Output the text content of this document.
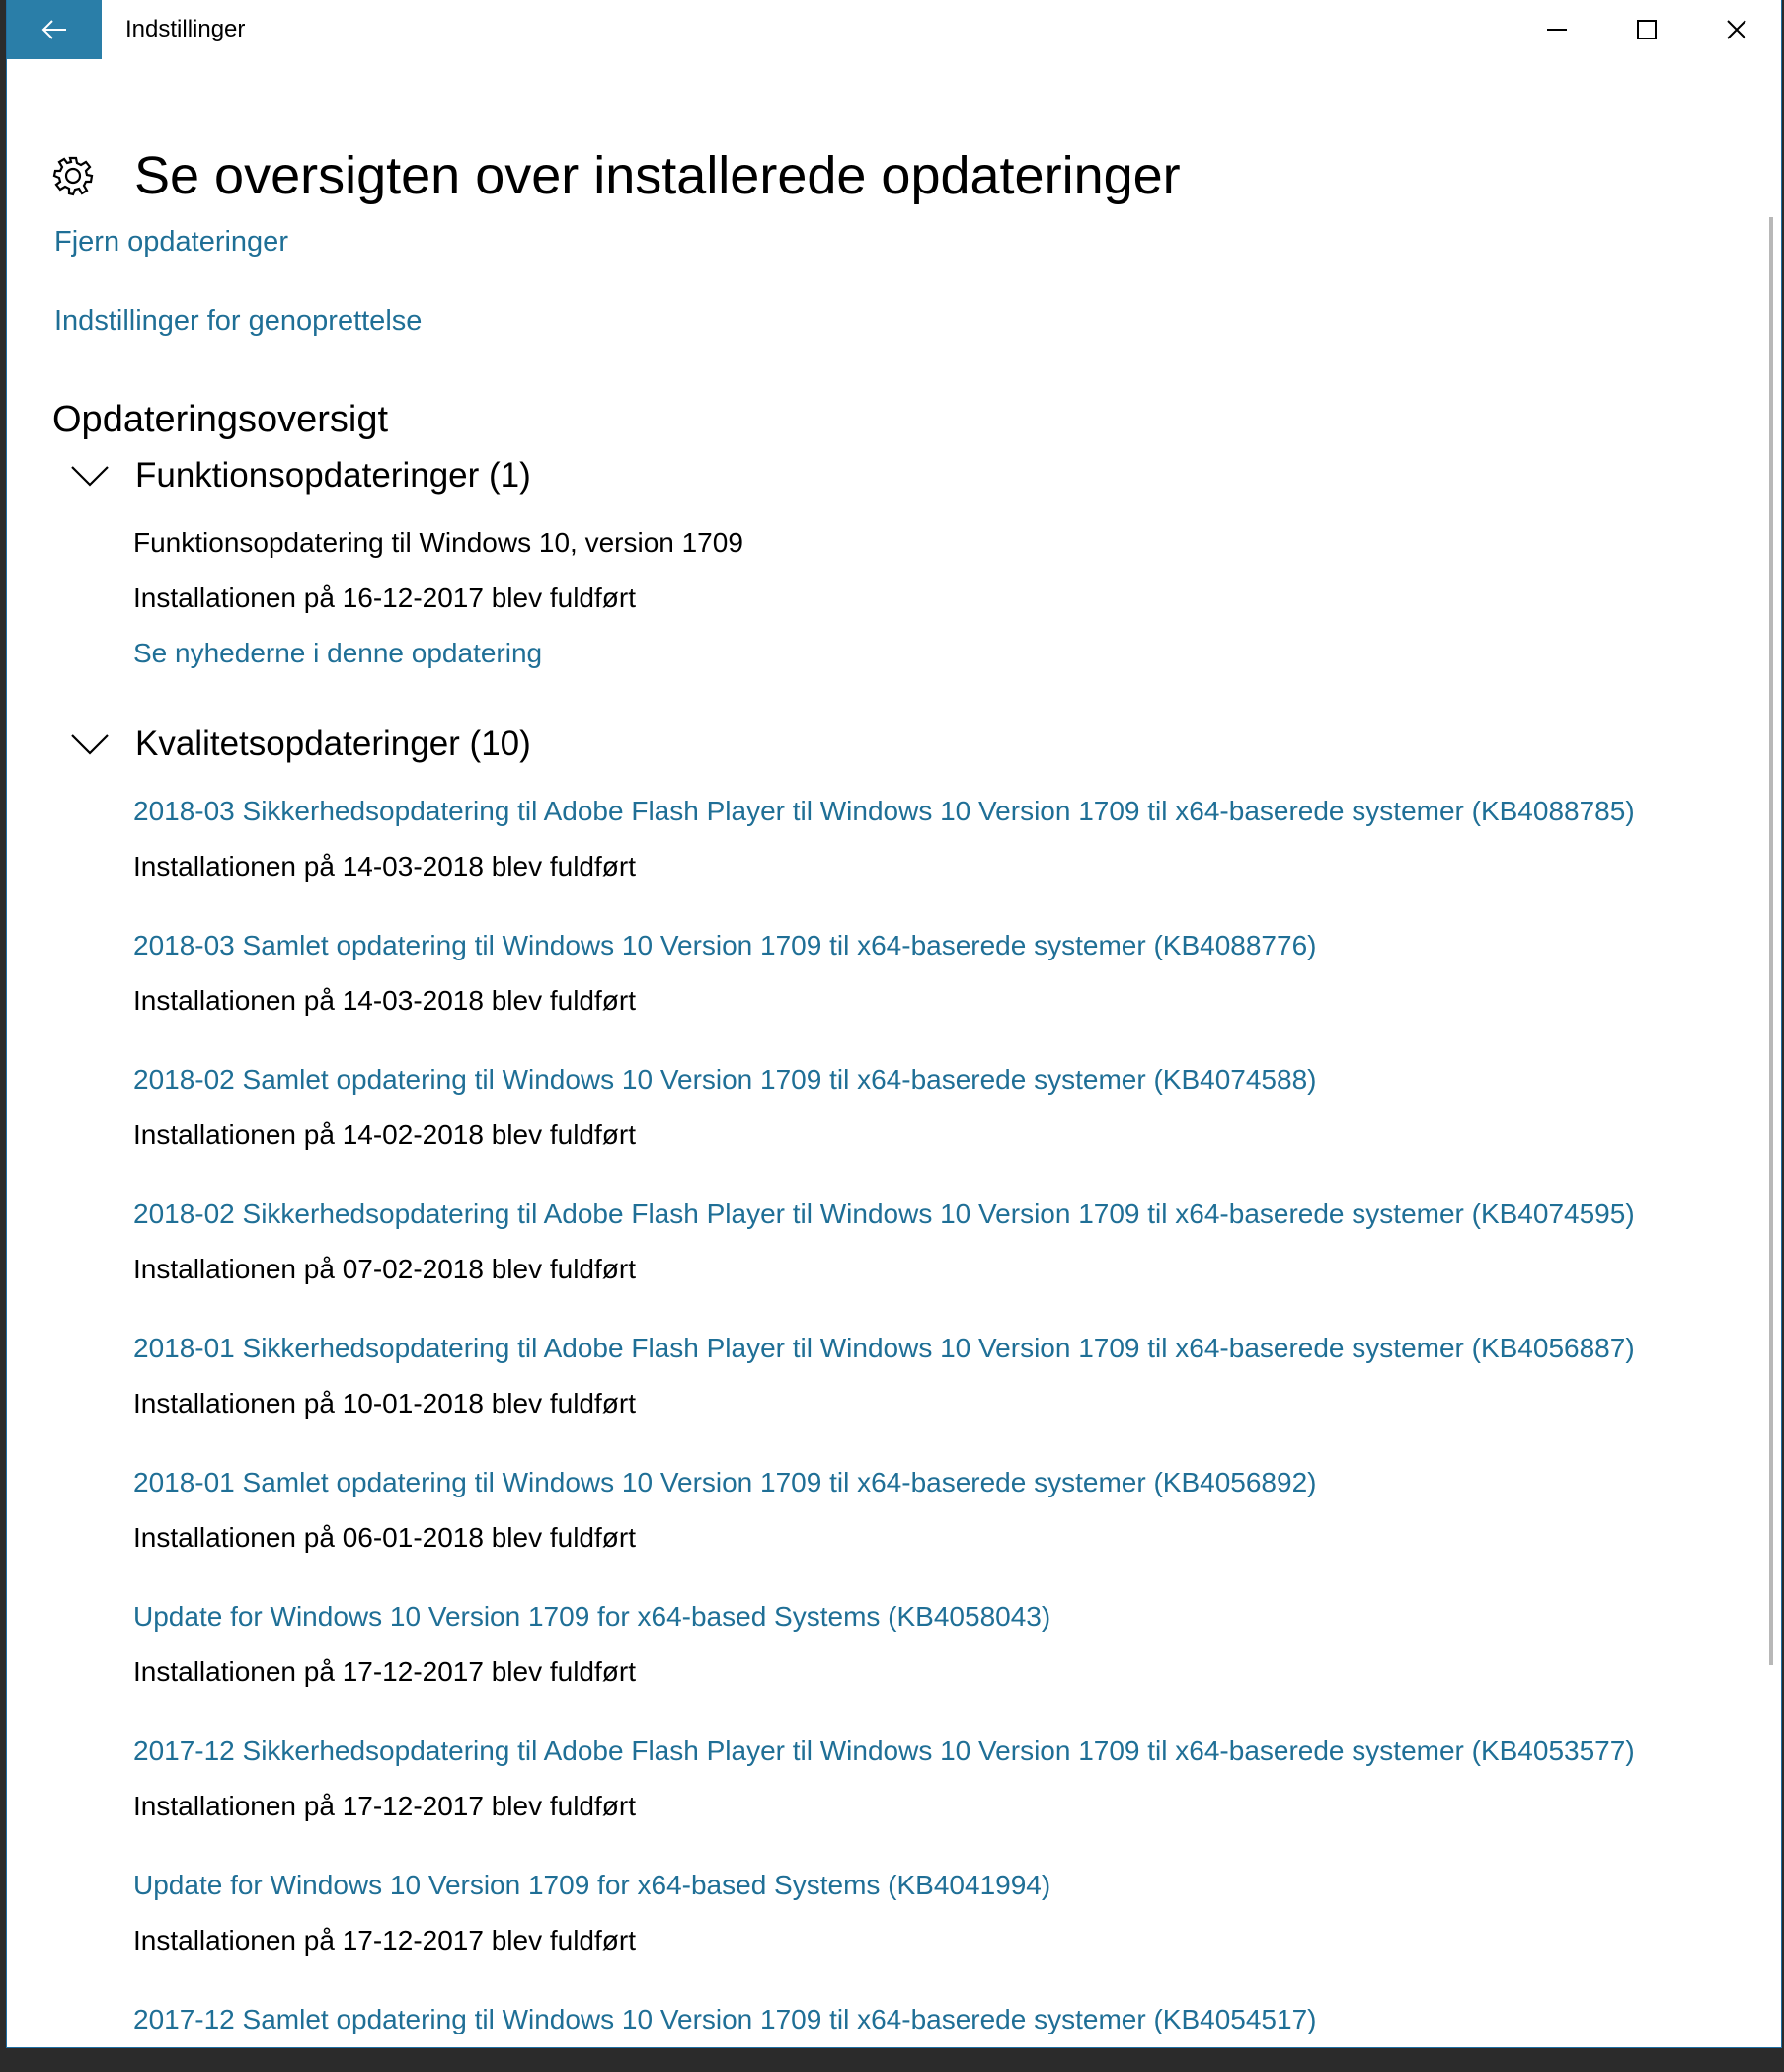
Indstillinger
Se oversigten over installerede opdateringer
Fjern opdateringer
Indstillinger for genoprettelse
Opdateringsoversigt
Funktionsopdateringer (1)
Funktionsopdatering til Windows 10, version 1709
Installationen på 16-12-2017 blev fuldført
Se nyhederne i denne opdatering
Kvalitetsopdateringer (10)
2018-03 Sikkerhedsopdatering til Adobe Flash Player til Windows 10 Version 1709 til x64-baserede systemer (KB4088785)
Installationen på 14-03-2018 blev fuldført
2018-03 Samlet opdatering til Windows 10 Version 1709 til x64-baserede systemer (KB4088776)
Installationen på 14-03-2018 blev fuldført
2018-02 Samlet opdatering til Windows 10 Version 1709 til x64-baserede systemer (KB4074588)
Installationen på 14-02-2018 blev fuldført
2018-02 Sikkerhedsopdatering til Adobe Flash Player til Windows 10 Version 1709 til x64-baserede systemer (KB4074595)
Installationen på 07-02-2018 blev fuldført
2018-01 Sikkerhedsopdatering til Adobe Flash Player til Windows 10 Version 1709 til x64-baserede systemer (KB4056887)
Installationen på 10-01-2018 blev fuldført
2018-01 Samlet opdatering til Windows 10 Version 1709 til x64-baserede systemer (KB4056892)
Installationen på 06-01-2018 blev fuldført
Update for Windows 10 Version 1709 for x64-based Systems (KB4058043)
Installationen på 17-12-2017 blev fuldført
2017-12 Sikkerhedsopdatering til Adobe Flash Player til Windows 10 Version 1709 til x64-baserede systemer (KB4053577)
Installationen på 17-12-2017 blev fuldført
Update for Windows 10 Version 1709 for x64-based Systems (KB4041994)
Installationen på 17-12-2017 blev fuldført
2017-12 Samlet opdatering til Windows 10 Version 1709 til x64-baserede systemer (KB4054517)
